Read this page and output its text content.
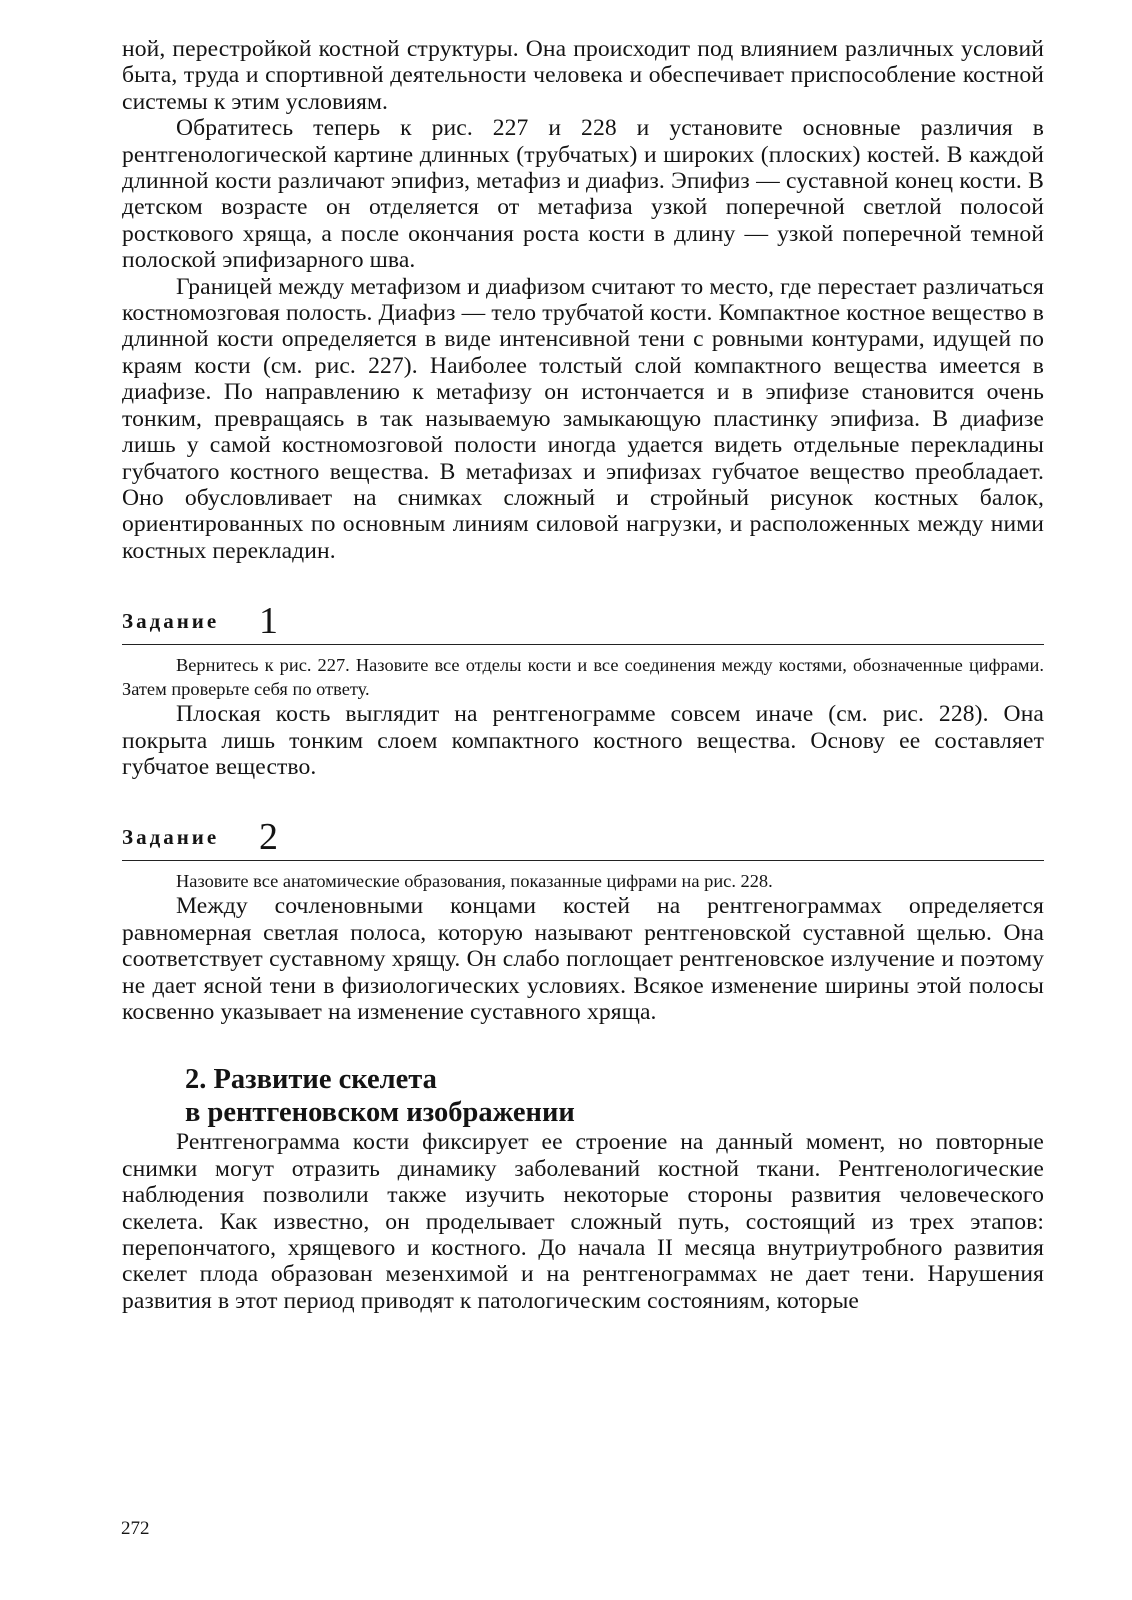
ной, перестройкой костной структуры. Она происходит под влиянием различных условий быта, труда и спортивной деятельности человека и обеспечивает приспособление костной системы к этим условиям.

Обратитесь теперь к рис. 227 и 228 и установите основные различия в рентгенологической картине длинных (трубчатых) и широких (плоских) костей. В каждой длинной кости различают эпифиз, метафиз и диафиз. Эпифиз — суставной конец кости. В детском возрасте он отделяется от метафиза узкой поперечной светлой полосой росткового хряща, а после окончания роста кости в длину — узкой поперечной темной полоской эпифизарного шва.

Границей между метафизом и диафизом считают то место, где перестает различаться костномозговая полость. Диафиз — тело трубчатой кости. Компактное костное вещество в длинной кости определяется в виде интенсивной тени с ровными контурами, идущей по краям кости (см. рис. 227). Наиболее толстый слой компактного вещества имеется в диафизе. По направлению к метафизу он истончается и в эпифизе становится очень тонким, превращаясь в так называемую замыкающую пластинку эпифиза. В диафизе лишь у самой костномозговой полости иногда удается видеть отдельные перекладины губчатого костного вещества. В метафизах и эпифизах губчатое вещество преобладает. Оно обусловливает на снимках сложный и стройный рисунок костных балок, ориентированных по основным линиям силовой нагрузки, и расположенных между ними костных перекладин.

Задание 1

Вернитесь к рис. 227. Назовите все отделы кости и все соединения между костями, обозначенные цифрами. Затем проверьте себя по ответу.

Плоская кость выглядит на рентгенограмме совсем иначе (см. рис. 228). Она покрыта лишь тонким слоем компактного костного вещества. Основу ее составляет губчатое вещество.

Задание 2

Назовите все анатомические образования, показанные цифрами на рис. 228.

Между сочленовными концами костей на рентгенограммах определяется равномерная светлая полоса, которую называют рентгеновской суставной щелью. Она соответствует суставному хрящу. Он слабо поглощает рентгеновское излучение и поэтому не дает ясной тени в физиологических условиях. Всякое изменение ширины этой полосы косвенно указывает на изменение суставного хряща.

2. Развитие скелета
в рентгеновском изображении

Рентгенограмма кости фиксирует ее строение на данный момент, но повторные снимки могут отразить динамику заболеваний костной ткани. Рентгенологические наблюдения позволили также изучить некоторые стороны развития человеческого скелета. Как известно, он проделывает сложный путь, состоящий из трех этапов: перепончатого, хрящевого и костного. До начала II месяца внутриутробного развития скелет плода образован мезенхимой и на рентгенограммах не дает тени. Нарушения развития в этот период приводят к патологическим состояниям, которые

272
